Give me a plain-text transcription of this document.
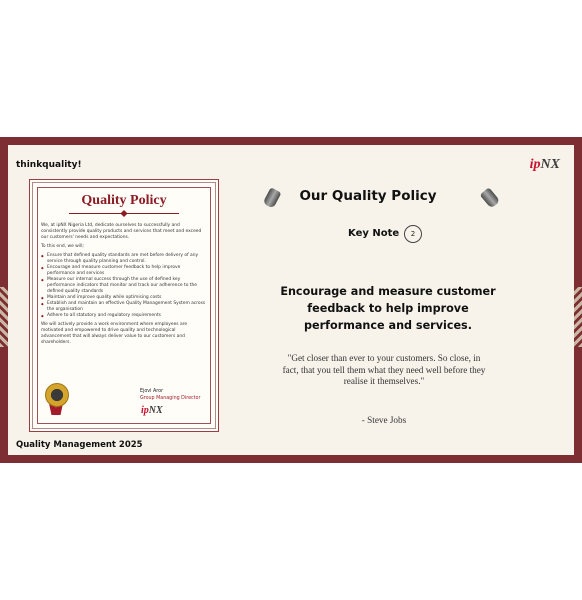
thinkquality!	ipNX
Quality Policy

We, at ipNX Nigeria Ltd, dedicate ourselves to successfully and consistently provide quality products and services that meet and exceed our customers' needs and expectations.

To this end, we will;

◆ Ensure that defined quality standards are met before delivery of any service through quality planning and control.
◆ Encourage and measure customer feedback to help improve performance and services
◆ Measure our internal success through the use of defined key performance indicators that monitor and track our adherence to the defined quality standards
◆ Maintain and improve quality while optimising costs
◆ Establish and maintain an effective Quality Management System across the organisation
◆ Adhere to all statutory and regulatory requirements

We will actively provide a work environment where employees are motivated and empowered to drive quality and technological advancement that will always deliver value to our customers and shareholders.

Ejovi Aror
Group Managing Director
ipNX
Our Quality Policy
Key Note	2
Encourage and measure customer feedback to help improve performance and services.
"Get closer than ever to your customers. So close, in fact, that you tell them what they need well before they realise it themselves."
- Steve Jobs
Quality Management 2025
